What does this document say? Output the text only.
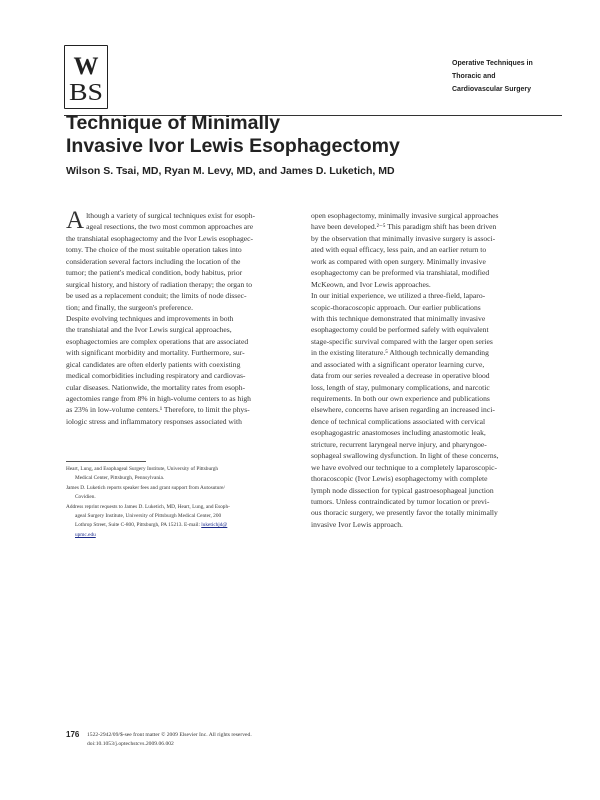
W
BS
Operative Techniques in
Thoracic and
Cardiovascular Surgery
Technique of Minimally
Invasive Ivor Lewis Esophagectomy
Wilson S. Tsai, MD, Ryan M. Levy, MD, and James D. Luketich, MD
A lthough a variety of surgical techniques exist for esoph-
ageal resections, the two most common approaches are
the transhiatal esophagectomy and the Ivor Lewis esophagec-
tomy. The choice of the most suitable operation takes into
consideration several factors including the location of the
tumor; the patient's medical condition, body habitus, prior
surgical history, and history of radiation therapy; the organ to
be used as a replacement conduit; the limits of node dissec-
tion; and finally, the surgeon's preference.
Despite evolving techniques and improvements in both
the transhiatal and the Ivor Lewis surgical approaches,
esophagectomies are complex operations that are associated
with significant morbidity and mortality. Furthermore, sur-
gical candidates are often elderly patients with coexisting
medical comorbidities including respiratory and cardiovas-
cular diseases. Nationwide, the mortality rates from esoph-
agectomies range from 8% in high-volume centers to as high
as 23% in low-volume centers.¹ Therefore, to limit the phys-
iologic stress and inflammatory responses associated with
open esophagectomy, minimally invasive surgical approaches
have been developed.²⁻⁵ This paradigm shift has been driven
by the observation that minimally invasive surgery is associ-
ated with equal efficacy, less pain, and an earlier return to
work as compared with open surgery. Minimally invasive
esophagectomy can be preformed via transhiatal, modified
McKeown, and Ivor Lewis approaches.
In our initial experience, we utilized a three-field, laparo-
scopic-thoracoscopic approach. Our earlier publications
with this technique demonstrated that minimally invasive
esophagectomy could be performed safely with equivalent
stage-specific survival compared with the larger open series
in the existing literature.⁵ Although technically demanding
and associated with a significant operator learning curve,
data from our series revealed a decrease in operative blood
loss, length of stay, pulmonary complications, and narcotic
requirements. In both our own experience and publications
elsewhere, concerns have arisen regarding an increased inci-
dence of technical complications associated with cervical
esophagogastric anastomoses including anastomotic leak,
stricture, recurrent laryngeal nerve injury, and pharyngoe-
sophageal swallowing dysfunction. In light of these concerns,
we have evolved our technique to a completely laparoscopic-
thoracoscopic (Ivor Lewis) esophagectomy with complete
lymph node dissection for typical gastroesophageal junction
tumors. Unless contraindicated by tumor location or previ-
ous thoracic surgery, we presently favor the totally minimally
invasive Ivor Lewis approach.
Heart, Lung, and Esophageal Surgery Institute, University of Pittsburgh
Medical Center, Pittsburgh, Pennsylvania.
James D. Luketich reports speaker fees and grant support from Autosuture/
Covidien.
Address reprint requests to James D. Luketich, MD, Heart, Lung, and Esoph-
ageal Surgery Institute, University of Pittsburgh Medical Center, 200
Lothrop Street, Suite C-800, Pittsburgh, PA 15213. E-mail: luketichjd@
upmc.edu
176 1522-2942/09/$-see front matter © 2009 Elsevier Inc. All rights reserved.
doi:10.1053/j.optechstcvs.2009.06.002
